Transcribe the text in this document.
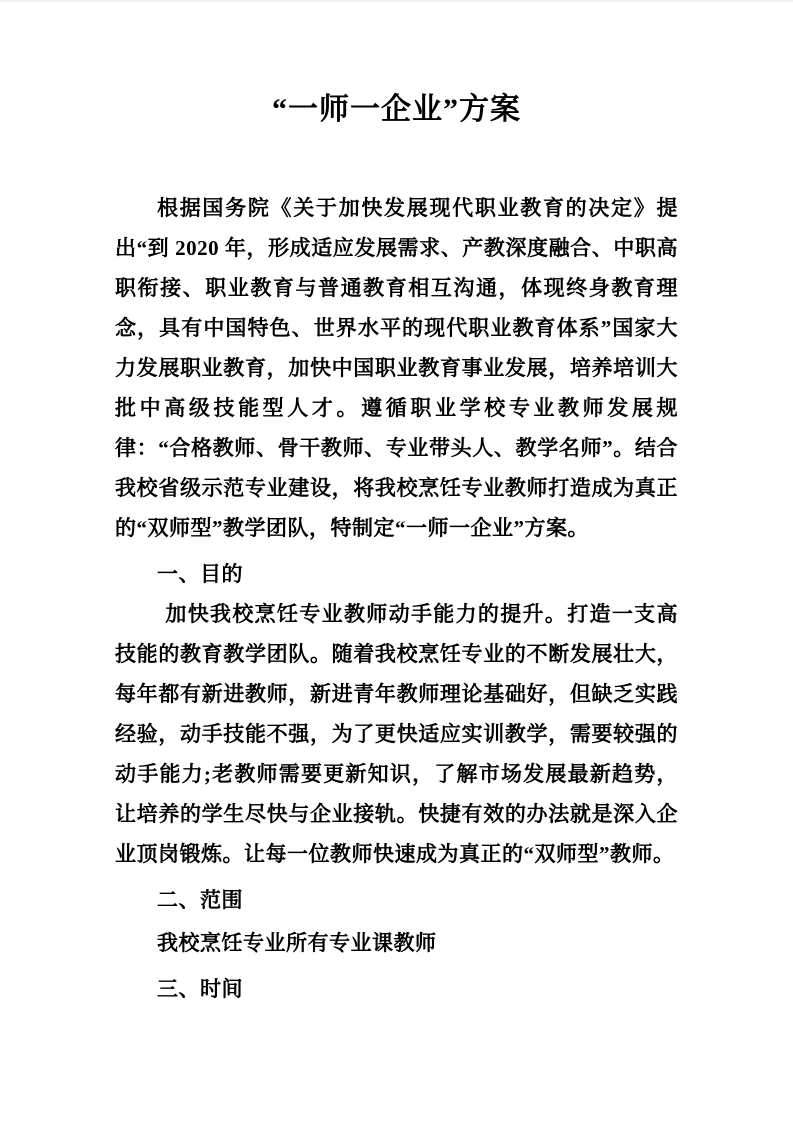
“一师一企业”方案

根据国务院《关于加快发展现代职业教育的决定》提出“到 2020 年，形成适应发展需求、产教深度融合、中职高职衔接、职业教育与普通教育相互沟通，体现终身教育理念，具有中国特色、世界水平的现代职业教育体系”国家大力发展职业教育，加快中国职业教育事业发展，培养培训大批中高级技能型人才。遵循职业学校专业教师发展规律：“合格教师、骨干教师、专业带头人、教学名师”。结合我校省级示范专业建设，将我校烹饪专业教师打造成为真正的“双师型”教学团队，特制定“一师一企业”方案。

一、目的

加快我校烹饪专业教师动手能力的提升。打造一支高技能的教育教学团队。随着我校烹饪专业的不断发展壮大，每年都有新进教师，新进青年教师理论基础好，但缺乏实践经验，动手技能不强，为了更快适应实训教学，需要较强的动手能力;老教师需要更新知识，了解市场发展最新趋势，让培养的学生尽快与企业接轨。快捷有效的办法就是深入企业顶岗锻炼。让每一位教师快速成为真正的“双师型”教师。

二、范围

我校烹饪专业所有专业课教师

三、时间
